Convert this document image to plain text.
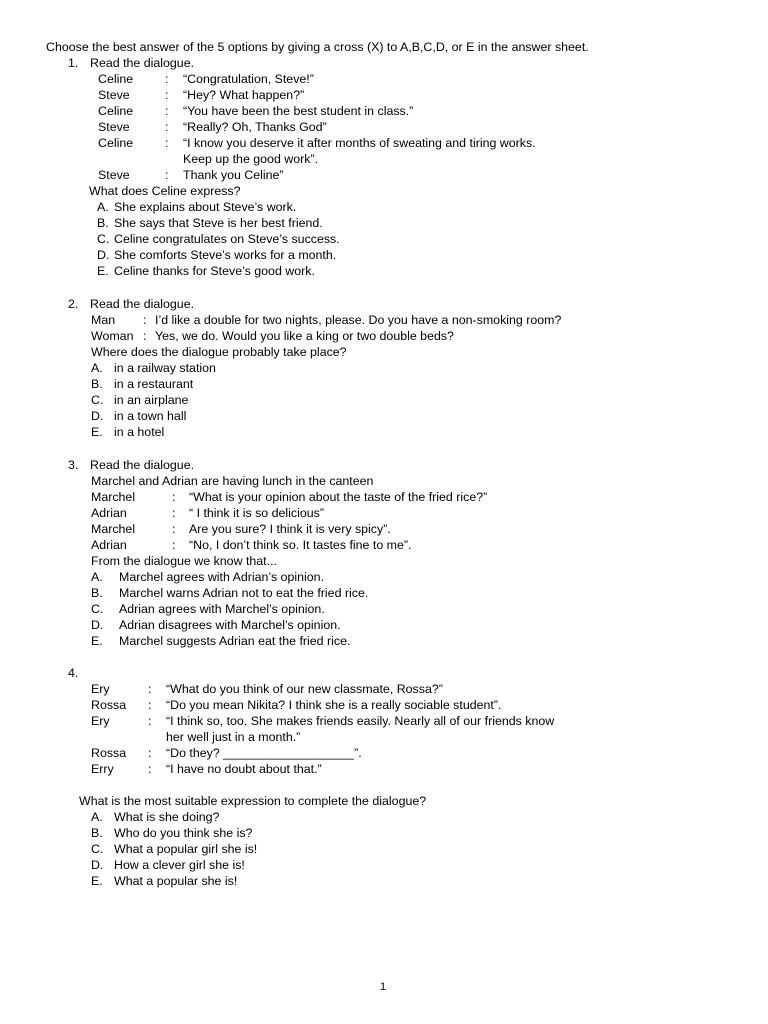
Choose the best answer of the 5 options by giving a cross (X) to A,B,C,D, or E in the answer sheet.
1. Read the dialogue.
Celine	: “Congratulation, Steve!”
Steve	: “Hey? What happen?”
Celine	: “You have been the best student in class.”
Steve	: “Really? Oh, Thanks God”
Celine	: “I know you deserve it after months of sweating and tiring works.
Keep up the good work”.
Steve	: Thank you Celine”
What does Celine express?
A. She explains about Steve’s work.
B. She says that Steve is her best friend.
C. Celine congratulates on Steve’s success.
D. She comforts Steve’s works for a month.
E. Celine thanks for Steve’s good work.
2. Read the dialogue.
Man : I’d like a double for two nights, please. Do you have a non-smoking room?
Woman : Yes, we do. Would you like a king or two double beds?
Where does the dialogue probably take place?
A. in a railway station
B. in a restaurant
C. in an airplane
D. in a town hall
E. in a hotel
3. Read the dialogue.
Marchel and Adrian are having lunch in the canteen
Marchel	: “What is your opinion about the taste of the fried rice?”
Adrian	: “ I think it is so delicious”
Marchel	: Are you sure? I think it is very spicy”.
Adrian	: “No, I don’t think so. It tastes fine to me”.
From the dialogue we know that...
A. Marchel agrees with Adrian’s opinion.
B. Marchel warns Adrian not to eat the fried rice.
C. Adrian agrees with Marchel’s opinion.
D. Adrian disagrees with Marchel’s opinion.
E. Marchel suggests Adrian eat the fried rice.
4.
Ery	: “What do you think of our new classmate, Rossa?”
Rossa : “Do you mean Nikita? I think she is a really sociable student”.
Ery	: “I think so, too. She makes friends easily. Nearly all of our friends know
her well just in a month.”
Rossa : “Do they? ___________________”.
Erry	: “I have no doubt about that.”
What is the most suitable expression to complete the dialogue?
A. What is she doing?
B. Who do you think she is?
C. What a popular girl she is!
D. How a clever girl she is!
E. What a popular she is!
1
